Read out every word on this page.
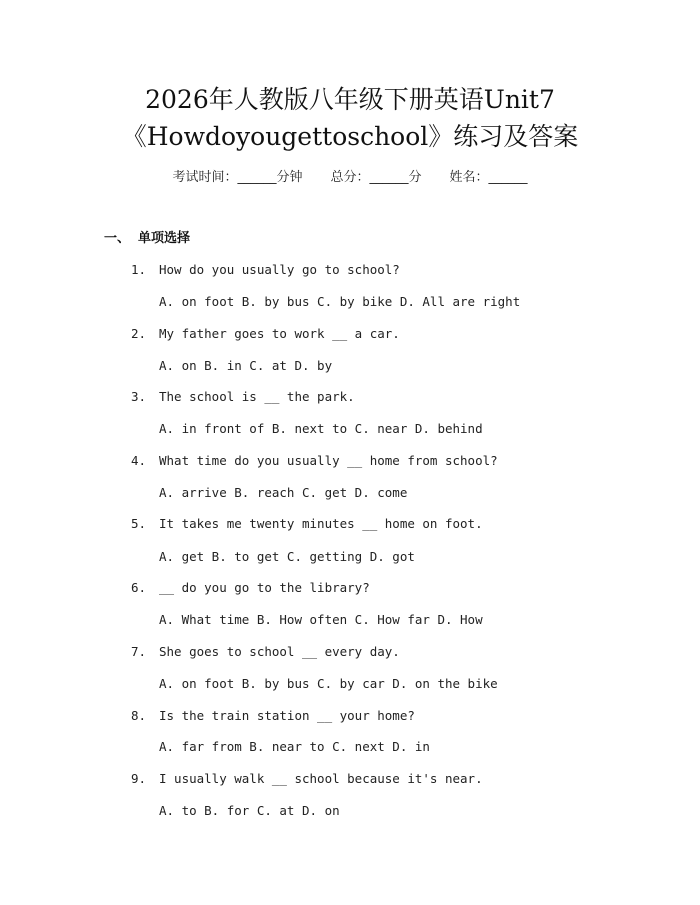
2026年人教版八年级下册英语Unit7
《Howdoyougettoschool》练习及答案
考试时间：______分钟 总分：______分 姓名：______
一、 单项选择
1. How do you usually go to school?
A. on foot B. by bus C. by bike D. All are right
2. My father goes to work __ a car.
A. on B. in C. at D. by
3. The school is __ the park.
A. in front of B. next to C. near D. behind
4. What time do you usually __ home from school?
A. arrive B. reach C. get D. come
5. It takes me twenty minutes __ home on foot.
A. get B. to get C. getting D. got
6. __ do you go to the library?
A. What time B. How often C. How far D. How
7. She goes to school __ every day.
A. on foot B. by bus C. by car D. on the bike
8. Is the train station __ your home?
A. far from B. near to C. next D. in
9. I usually walk __ school because it's near.
A. to B. for C. at D. on
